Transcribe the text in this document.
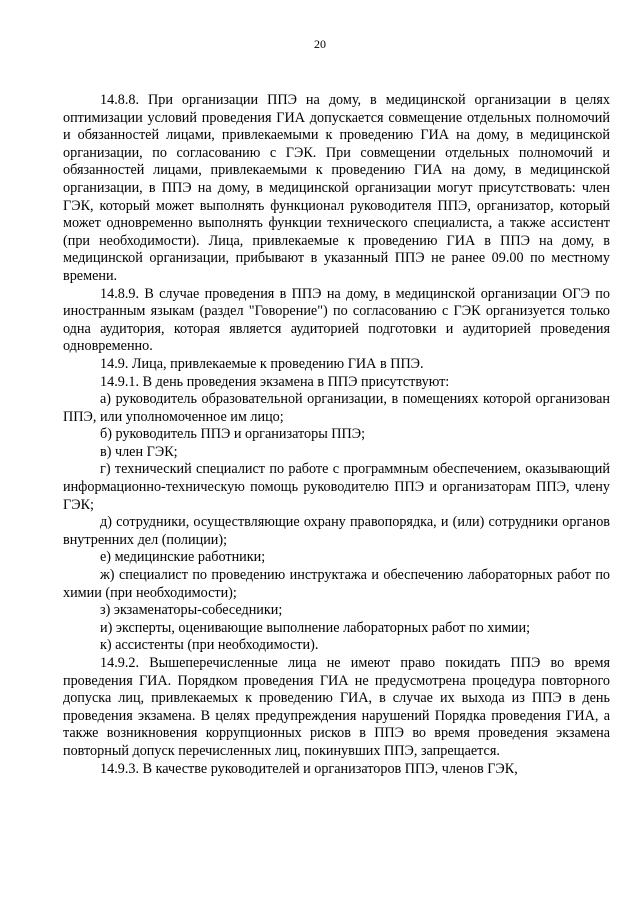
20

14.8.8. При организации ППЭ на дому, в медицинской организации в целях оптимизации условий проведения ГИА допускается совмещение отдельных полномочий и обязанностей лицами, привлекаемыми к проведению ГИА на дому, в медицинской организации, по согласованию с ГЭК. При совмещении отдельных полномочий и обязанностей лицами, привлекаемыми к проведению ГИА на дому, в медицинской организации, в ППЭ на дому, в медицинской организации могут присутствовать: член ГЭК, который может выполнять функционал руководителя ППЭ, организатор, который может одновременно выполнять функции технического специалиста, а также ассистент (при необходимости). Лица, привлекаемые к проведению ГИА в ППЭ на дому, в медицинской организации, прибывают в указанный ППЭ не ранее 09.00 по местному времени.

14.8.9. В случае проведения в ППЭ на дому, в медицинской организации ОГЭ по иностранным языкам (раздел "Говорение") по согласованию с ГЭК организуется только одна аудитория, которая является аудиторией подготовки и аудиторией проведения одновременно.

14.9. Лица, привлекаемые к проведению ГИА в ППЭ.

14.9.1. В день проведения экзамена в ППЭ присутствуют:

а) руководитель образовательной организации, в помещениях которой организован ППЭ, или уполномоченное им лицо;

б) руководитель ППЭ и организаторы ППЭ;

в) член ГЭК;

г) технический специалист по работе с программным обеспечением, оказывающий информационно-техническую помощь руководителю ППЭ и организаторам ППЭ, члену ГЭК;

д) сотрудники, осуществляющие охрану правопорядка, и (или) сотрудники органов внутренних дел (полиции);

е) медицинские работники;

ж) специалист по проведению инструктажа и обеспечению лабораторных работ по химии (при необходимости);

з) экзаменаторы-собеседники;

и) эксперты, оценивающие выполнение лабораторных работ по химии;

к) ассистенты (при необходимости).

14.9.2. Вышеперечисленные лица не имеют право покидать ППЭ во время проведения ГИА. Порядком проведения ГИА не предусмотрена процедура повторного допуска лиц, привлекаемых к проведению ГИА, в случае их выхода из ППЭ в день проведения экзамена. В целях предупреждения нарушений Порядка проведения ГИА, а также возникновения коррупционных рисков в ППЭ во время проведения экзамена повторный допуск перечисленных лиц, покинувших ППЭ, запрещается.

14.9.3. В качестве руководителей и организаторов ППЭ, членов ГЭК,
